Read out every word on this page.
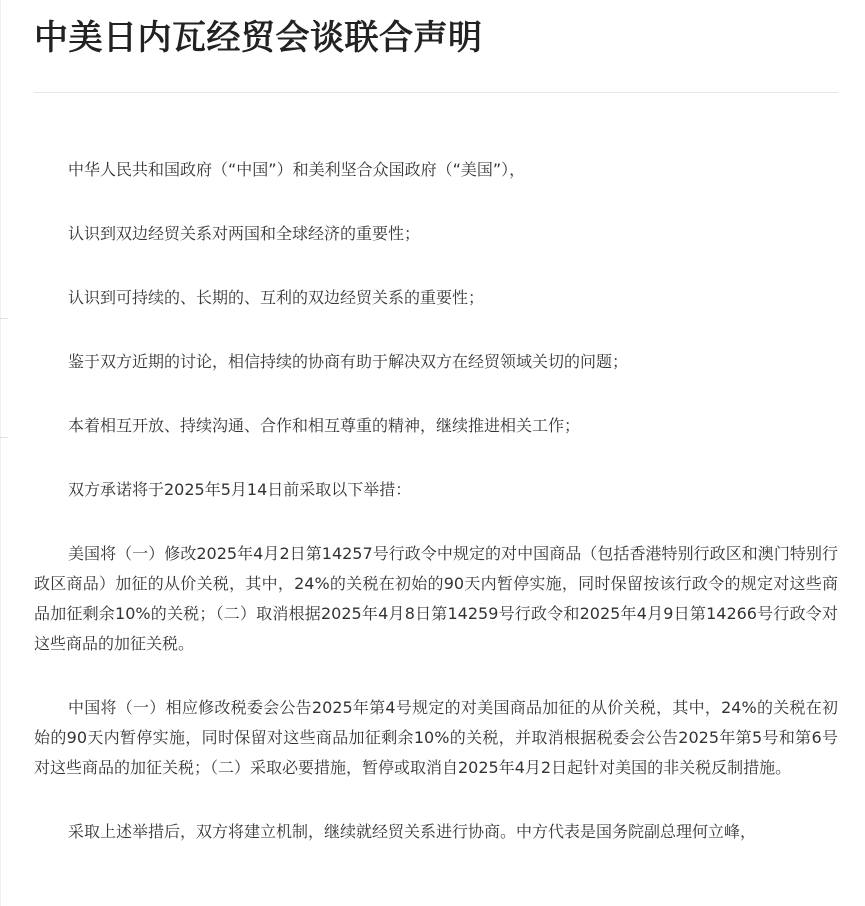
中美日内瓦经贸会谈联合声明

中华人民共和国政府（“中国”）和美利坚合众国政府（“美国”），

认识到双边经贸关系对两国和全球经济的重要性；

认识到可持续的、长期的、互利的双边经贸关系的重要性；

鉴于双方近期的讨论，相信持续的协商有助于解决双方在经贸领域关切的问题；

本着相互开放、持续沟通、合作和相互尊重的精神，继续推进相关工作；

双方承诺将于2025年5月14日前采取以下举措：

美国将（一）修改2025年4月2日第14257号行政令中规定的对中国商品（包括香港特别行政区和澳门特别行政区商品）加征的从价关税，其中，24%的关税在初始的90天内暂停实施，同时保留按该行政令的规定对这些商品加征剩余10%的关税；（二）取消根据2025年4月8日第14259号行政令和2025年4月9日第14266号行政令对这些商品的加征关税。

中国将（一）相应修改税委会公告2025年第4号规定的对美国商品加征的从价关税，其中，24%的关税在初始的90天内暂停实施，同时保留对这些商品加征剩余10%的关税，并取消根据税委会公告2025年第5号和第6号对这些商品的加征关税；（二）采取必要措施，暂停或取消自2025年4月2日起针对美国的非关税反制措施。

采取上述举措后，双方将建立机制，继续就经贸关系进行协商。中方代表是国务院副总理何立峰，
